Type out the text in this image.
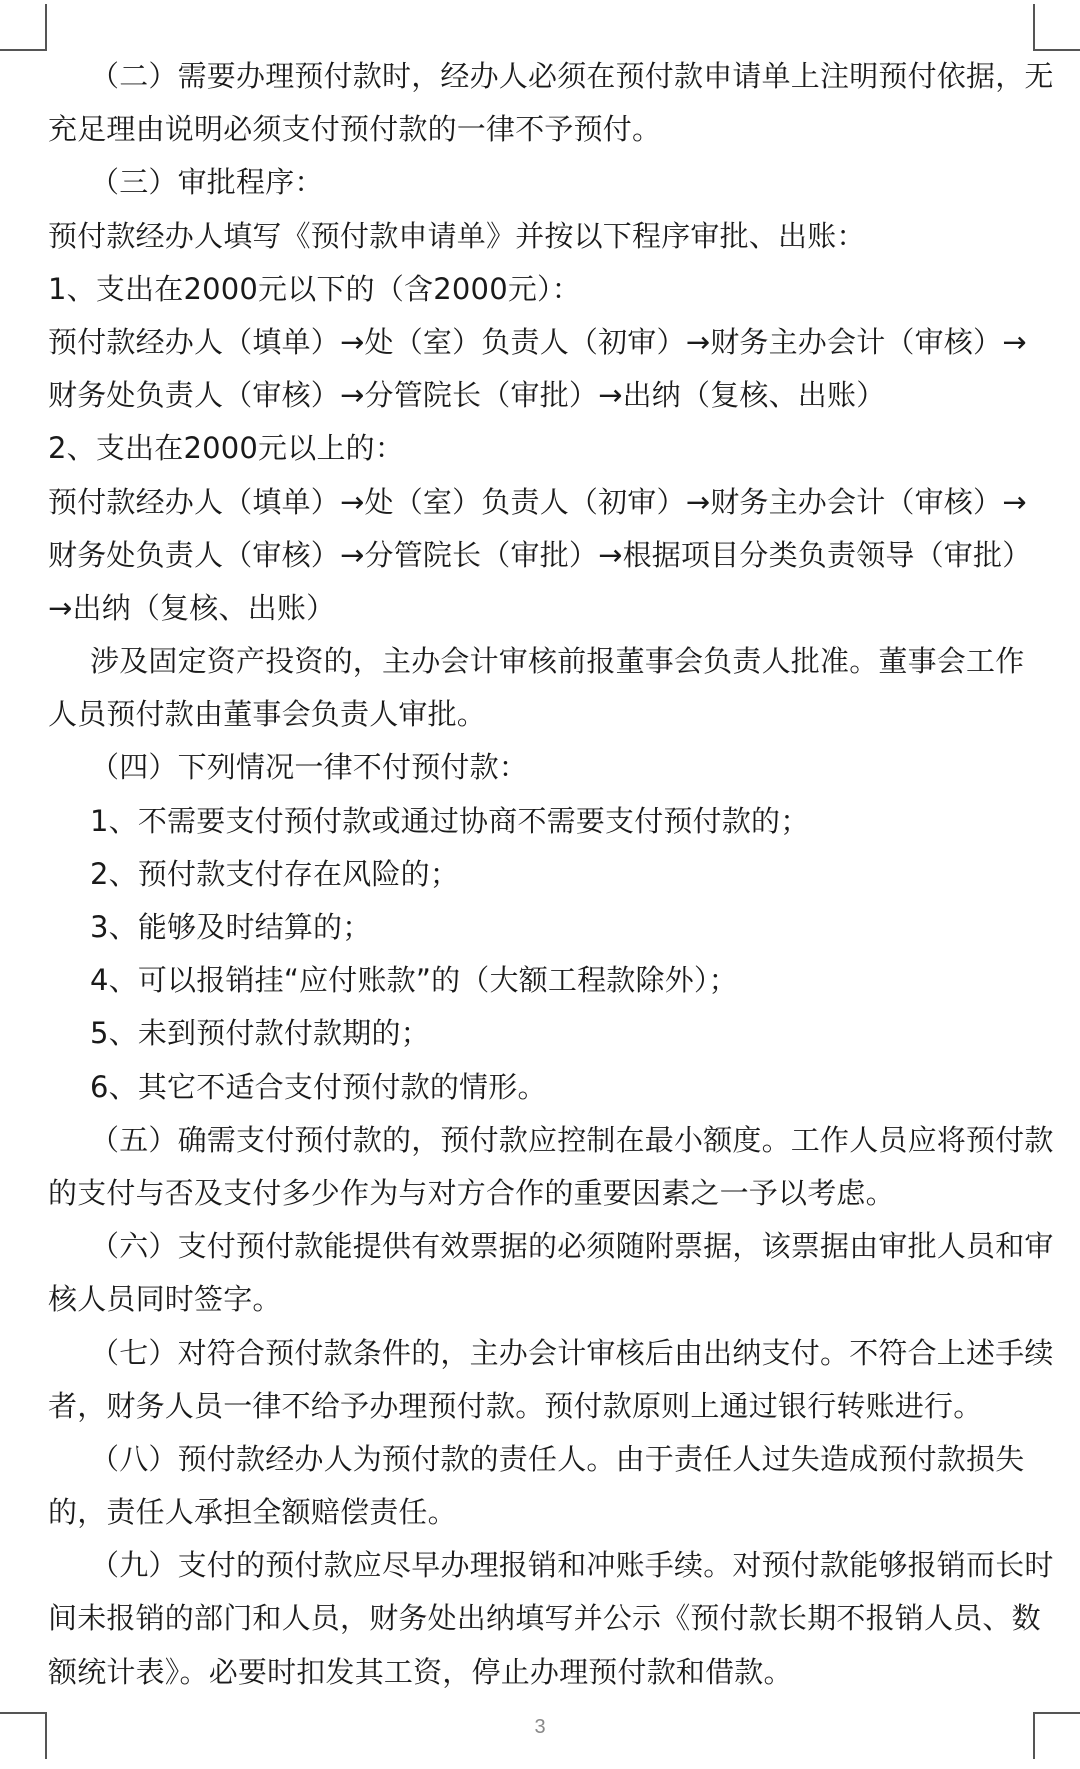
（二）需要办理预付款时，经办人必须在预付款申请单上注明预付依据，无
充足理由说明必须支付预付款的一律不予预付。
（三）审批程序：
预付款经办人填写《预付款申请单》并按以下程序审批、出账：
1、支出在2000元以下的（含2000元）：
预付款经办人（填单）→处（室）负责人（初审）→财务主办会计（审核）→
财务处负责人（审核）→分管院长（审批）→出纳（复核、出账）
2、支出在2000元以上的：
预付款经办人（填单）→处（室）负责人（初审）→财务主办会计（审核）→
财务处负责人（审核）→分管院长（审批）→根据项目分类负责领导（审批）
→出纳（复核、出账）
涉及固定资产投资的，主办会计审核前报董事会负责人批准。董事会工作
人员预付款由董事会负责人审批。
（四）下列情况一律不付预付款：
1、不需要支付预付款或通过协商不需要支付预付款的；
2、预付款支付存在风险的；
3、能够及时结算的；
4、可以报销挂“应付账款”的（大额工程款除外）；
5、未到预付款付款期的；
6、其它不适合支付预付款的情形。
（五）确需支付预付款的，预付款应控制在最小额度。工作人员应将预付款
的支付与否及支付多少作为与对方合作的重要因素之一予以考虑。
（六）支付预付款能提供有效票据的必须随附票据，该票据由审批人员和审
核人员同时签字。
（七）对符合预付款条件的，主办会计审核后由出纳支付。不符合上述手续
者，财务人员一律不给予办理预付款。预付款原则上通过银行转账进行。
（八）预付款经办人为预付款的责任人。由于责任人过失造成预付款损失
的，责任人承担全额赔偿责任。
（九）支付的预付款应尽早办理报销和冲账手续。对预付款能够报销而长时
间未报销的部门和人员，财务处出纳填写并公示《预付款长期不报销人员、数
额统计表》。必要时扣发其工资，停止办理预付款和借款。
3
